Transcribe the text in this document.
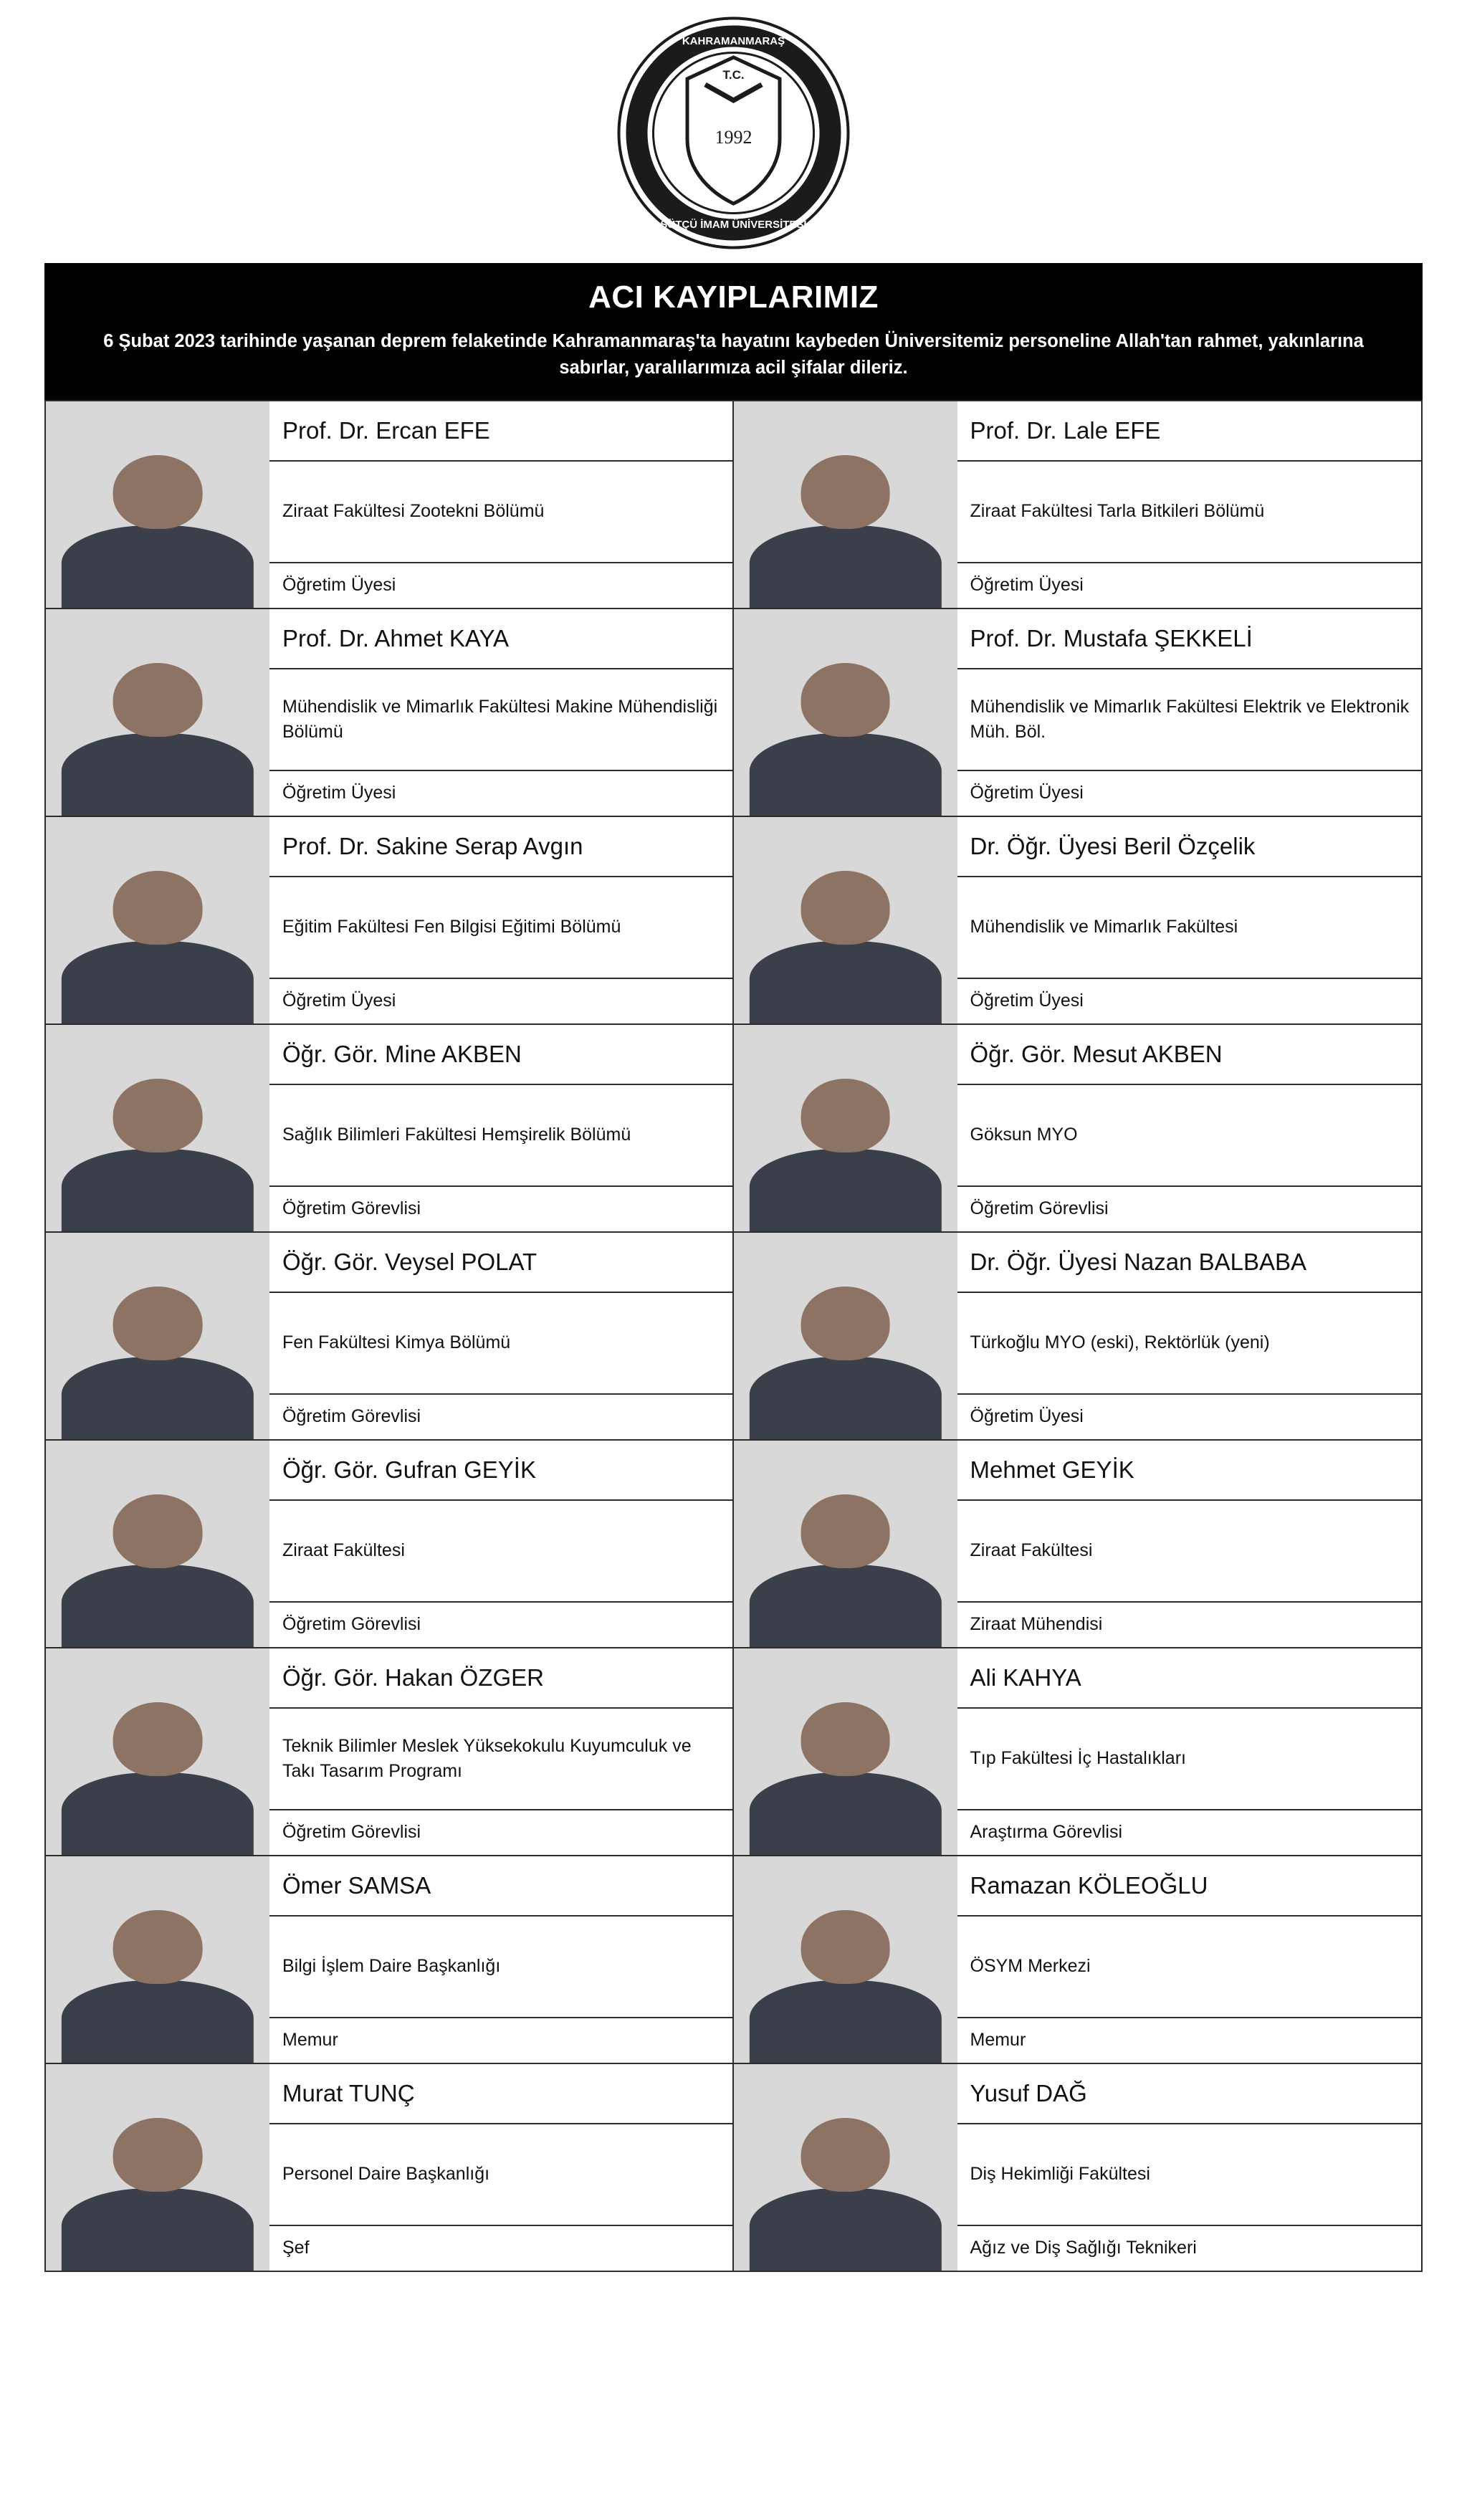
T.C.
1992
KAHRAMANMARAŞ
SÜTÇÜ İMAM ÜNİVERSİTESİ
ACI KAYIPLARIMIZ
6 Şubat 2023 tarihinde yaşanan deprem felaketinde Kahramanmaraş'ta hayatını kaybeden Üniversitemiz personeline Allah'tan rahmet, yakınlarına sabırlar, yaralılarımıza acil şifalar dileriz.
Prof. Dr. Ercan EFE
Ziraat Fakültesi Zootekni Bölümü
Öğretim Üyesi
Prof. Dr. Lale EFE
Ziraat Fakültesi Tarla Bitkileri Bölümü
Öğretim Üyesi
Prof. Dr. Ahmet KAYA
Mühendislik ve Mimarlık Fakültesi Makine Mühendisliği Bölümü
Öğretim Üyesi
Prof. Dr. Mustafa ŞEKKELİ
Mühendislik ve Mimarlık Fakültesi Elektrik ve Elektronik Müh. Böl.
Öğretim Üyesi
Prof. Dr. Sakine Serap Avgın
Eğitim Fakültesi Fen Bilgisi Eğitimi Bölümü
Öğretim Üyesi
Dr. Öğr. Üyesi Beril Özçelik
Mühendislik ve Mimarlık Fakültesi
Öğretim Üyesi
Öğr. Gör. Mine AKBEN
Sağlık Bilimleri Fakültesi Hemşirelik Bölümü
Öğretim Görevlisi
Öğr. Gör. Mesut AKBEN
Göksun MYO
Öğretim Görevlisi
Öğr. Gör. Veysel POLAT
Fen Fakültesi Kimya Bölümü
Öğretim Görevlisi
Dr. Öğr. Üyesi Nazan BALBABA
Türkoğlu MYO (eski), Rektörlük (yeni)
Öğretim Üyesi
Öğr. Gör. Gufran GEYİK
Ziraat Fakültesi
Öğretim Görevlisi
Mehmet GEYİK
Ziraat Fakültesi
Ziraat Mühendisi
Öğr. Gör. Hakan ÖZGER
Teknik Bilimler Meslek Yüksekokulu Kuyumculuk ve Takı Tasarım Programı
Öğretim Görevlisi
Ali KAHYA
Tıp Fakültesi İç Hastalıkları
Araştırma Görevlisi
Ömer SAMSA
Bilgi İşlem Daire Başkanlığı
Memur
Ramazan KÖLEOĞLU
ÖSYM Merkezi
Memur
Murat TUNÇ
Personel Daire Başkanlığı
Şef
Yusuf DAĞ
Diş Hekimliği Fakültesi
Ağız ve Diş Sağlığı Teknikeri
